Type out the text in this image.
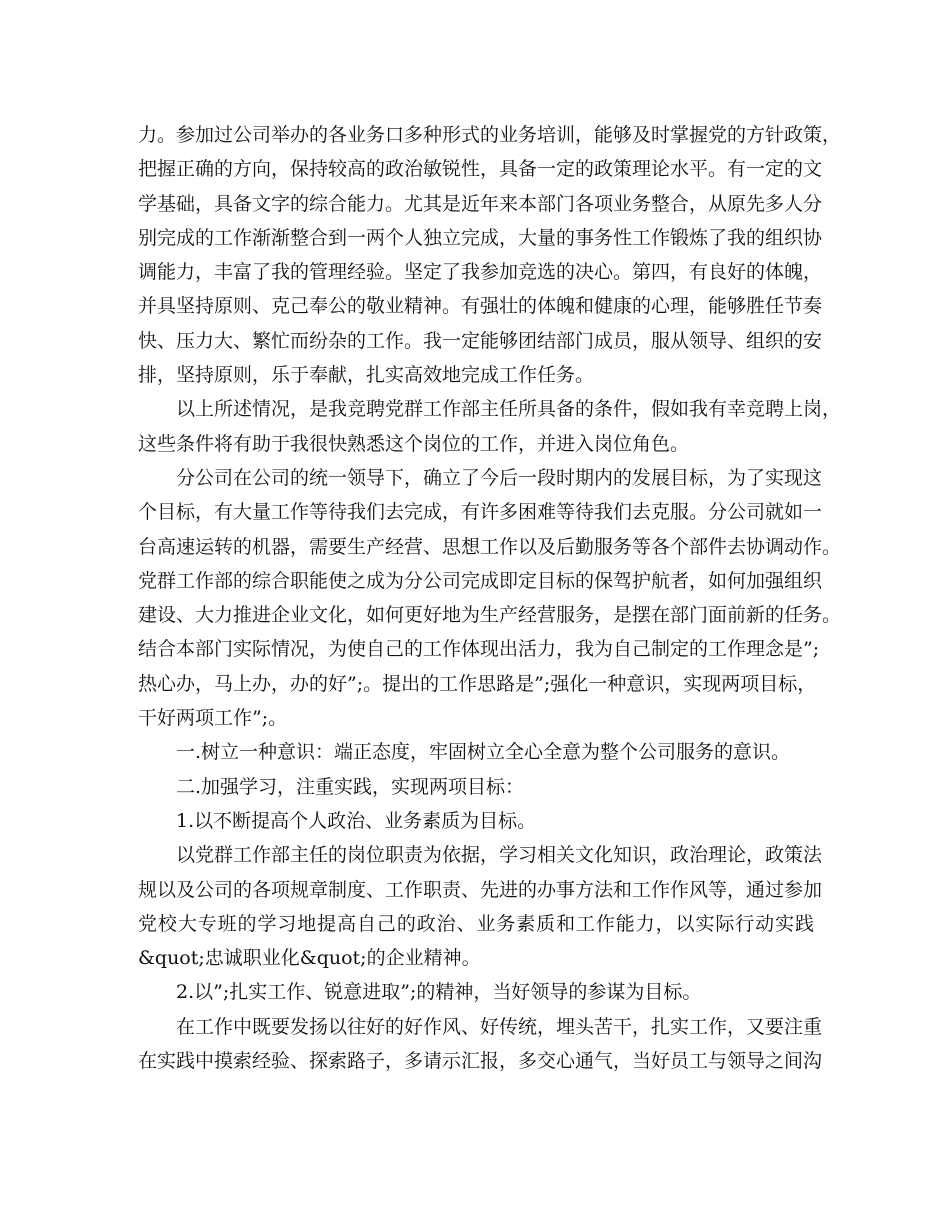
力。参加过公司举办的各业务口多种形式的业务培训，能够及时掌握党的方针政策，
把握正确的方向，保持较高的政治敏锐性，具备一定的政策理论水平。有一定的文
学基础，具备文字的综合能力。尤其是近年来本部门各项业务整合，从原先多人分
别完成的工作渐渐整合到一两个人独立完成，大量的事务性工作锻炼了我的组织协
调能力，丰富了我的管理经验。坚定了我参加竞选的决心。第四，有良好的体魄，
并具坚持原则、克己奉公的敬业精神。有强壮的体魄和健康的心理，能够胜任节奏
快、压力大、繁忙而纷杂的工作。我一定能够团结部门成员，服从领导、组织的安
排，坚持原则，乐于奉献，扎实高效地完成工作任务。
以上所述情况，是我竞聘党群工作部主任所具备的条件，假如我有幸竞聘上岗，
这些条件将有助于我很快熟悉这个岗位的工作，并进入岗位角色。
分公司在公司的统一领导下，确立了今后一段时期内的发展目标，为了实现这
个目标，有大量工作等待我们去完成，有许多困难等待我们去克服。分公司就如一
台高速运转的机器，需要生产经营、思想工作以及后勤服务等各个部件去协调动作。
党群工作部的综合职能使之成为分公司完成即定目标的保驾护航者，如何加强组织
建设、大力推进企业文化，如何更好地为生产经营服务，是摆在部门面前新的任务。
结合本部门实际情况，为使自己的工作体现出活力，我为自己制定的工作理念是”;
热心办，马上办，办的好”;。提出的工作思路是”;强化一种意识，实现两项目标，
干好两项工作”;。
一.树立一种意识：端正态度，牢固树立全心全意为整个公司服务的意识。
二.加强学习，注重实践，实现两项目标：
1.以不断提高个人政治、业务素质为目标。
以党群工作部主任的岗位职责为依据，学习相关文化知识，政治理论，政策法
规以及公司的各项规章制度、工作职责、先进的办事方法和工作作风等，通过参加
党校大专班的学习地提高自己的政治、业务素质和工作能力，以实际行动实践
&quot;忠诚职业化&quot;的企业精神。
2.以”;扎实工作、锐意进取”;的精神，当好领导的参谋为目标。
在工作中既要发扬以往好的好作风、好传统，埋头苦干，扎实工作，又要注重
在实践中摸索经验、探索路子，多请示汇报，多交心通气，当好员工与领导之间沟
